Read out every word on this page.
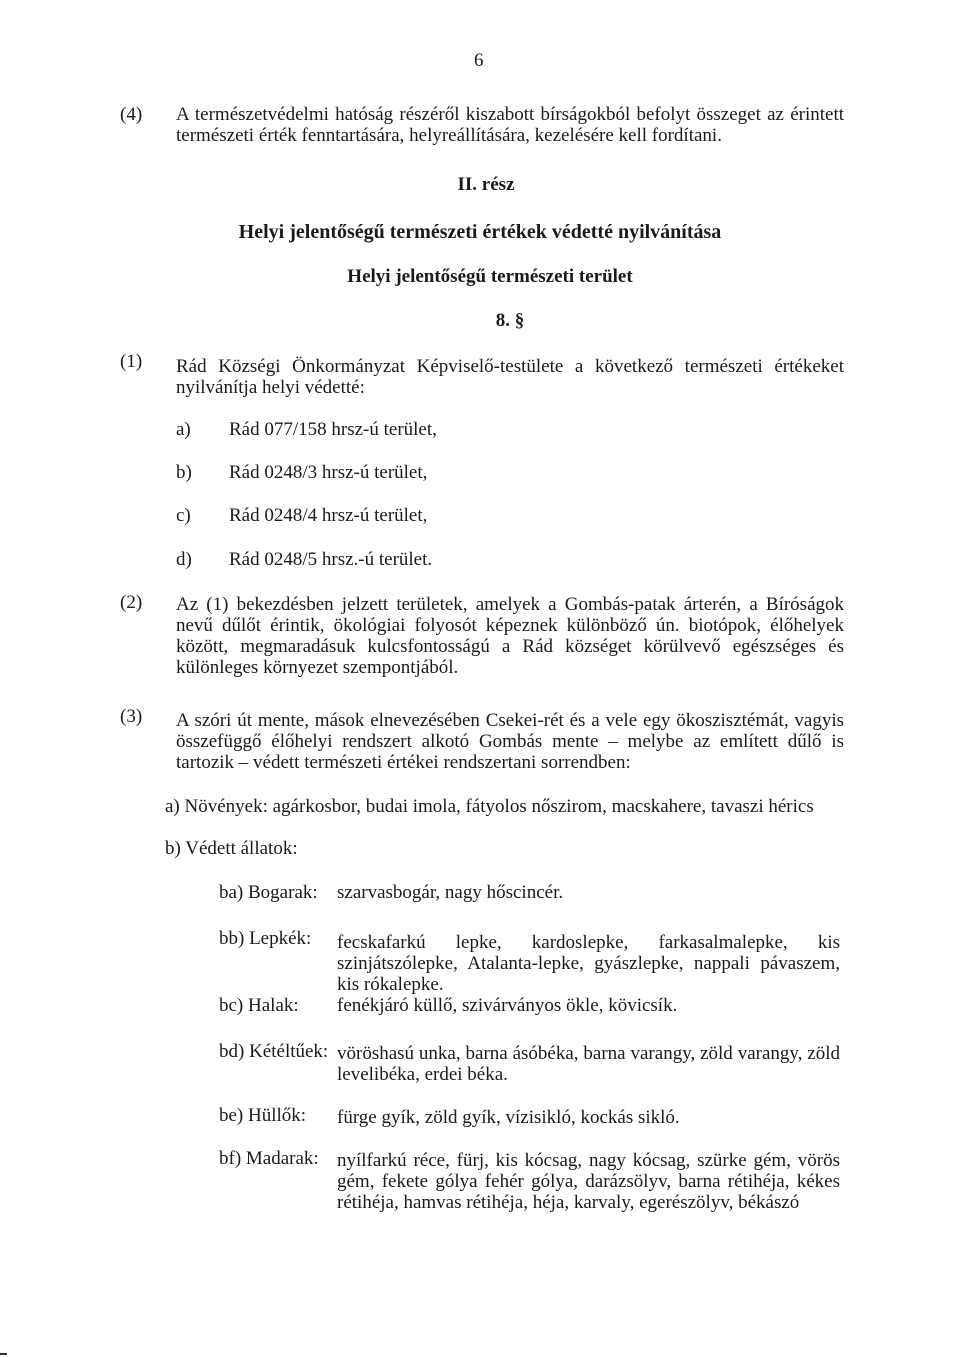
6
(4) A természetvédelmi hatóság részéről kiszabott bírságokból befolyt összeget az érintett természeti érték fenntartására, helyreállítására, kezelésére kell fordítani.
II. rész
Helyi jelentőségű természeti értékek védetté nyilvánítása
Helyi jelentőségű természeti terület
8. §
(1) Rád Községi Önkormányzat Képviselő-testülete a következő természeti értékeket nyilvánítja helyi védetté:
a) Rád 077/158 hrsz-ú terület,
b) Rád 0248/3 hrsz-ú terület,
c) Rád 0248/4 hrsz-ú terület,
d) Rád 0248/5 hrsz.-ú terület.
(2) Az (1) bekezdésben jelzett területek, amelyek a Gombás-patak árterén, a Bíróságok nevű dűlőt érintik, ökológiai folyosót képeznek különböző ún. biotópok, élőhelyek között, megmaradásuk kulcsfontosságú a Rád községet körülvevő egészséges és különleges környezet szempontjából.
(3) A szóri út mente, mások elnevezésében Csekei-rét és a vele egy ökoszisztémát, vagyis összefüggő élőhelyi rendszert alkotó Gombás mente – melybe az említett dűlő is tartozik – védett természeti értékei rendszertani sorrendben:
a) Növények: agárkosbor, budai imola, fátyolos nőszirom, macskahere, tavaszi hérics
b) Védett állatok:
ba) Bogarak: szarvasbogár, nagy hőscincér.
bb) Lepkék: fecskafarkú lepke, kardoslepke, farkasalmalepke, kis szinjátszólepke, Atalanta-lepke, gyászlepke, nappali pávaszem, kis rókalepke.
bc) Halak: fenékjáró küllő, szivárványos ökle, kövicsík.
bd) Kétéltűek: vöröshasú unka, barna ásóbéka, barna varangy, zöld varangy, zöld levelibéka, erdei béka.
be) Hüllők: fürge gyík, zöld gyík, vízisikló, kockás sikló.
bf) Madarak: nyílfarkú réce, fürj, kis kócsag, nagy kócsag, szürke gém, vörös gém, fekete gólya fehér gólya, darázsölyv, barna rétihéja, kékes rétihéja, hamvas rétihéja, héja, karvaly, egerészölyv, békászó
